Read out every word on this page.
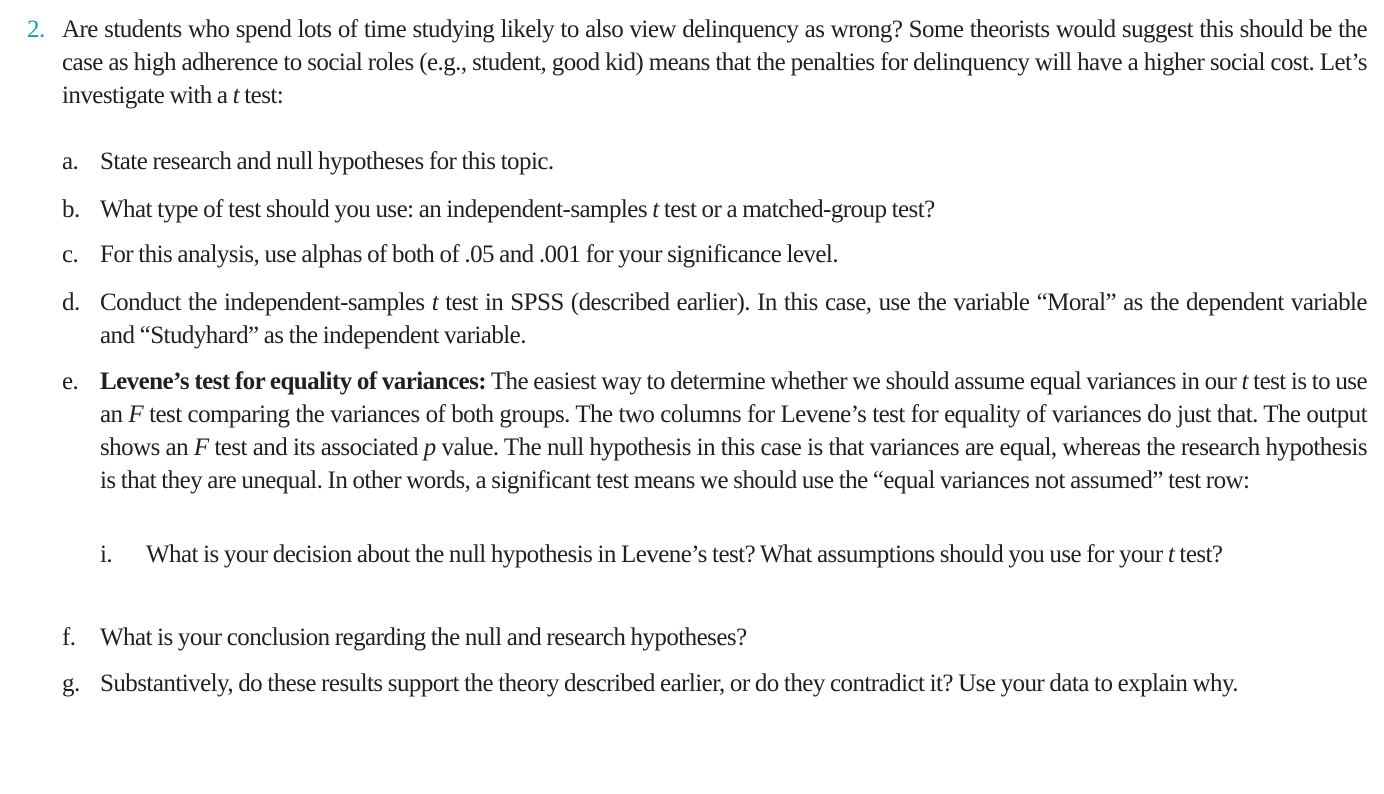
2. Are students who spend lots of time studying likely to also view delinquency as wrong? Some theorists would suggest this should be the case as high adherence to social roles (e.g., student, good kid) means that the penalties for delinquency will have a higher social cost. Let’s investigate with a t test:
a. State research and null hypotheses for this topic.
b. What type of test should you use: an independent-samples t test or a matched-group test?
c. For this analysis, use alphas of both of .05 and .001 for your significance level.
d. Conduct the independent-samples t test in SPSS (described earlier). In this case, use the variable “Moral” as the dependent variable and “Studyhard” as the independent variable.
e. Levene’s test for equality of variances: The easiest way to determine whether we should assume equal variances in our t test is to use an F test comparing the variances of both groups. The two columns for Levene’s test for equality of variances do just that. The output shows an F test and its associated p value. The null hypothesis in this case is that variances are equal, whereas the research hypothesis is that they are unequal. In other words, a significant test means we should use the “equal variances not assumed” test row:
i. What is your decision about the null hypothesis in Levene’s test? What assumptions should you use for your t test?
f. What is your conclusion regarding the null and research hypotheses?
g. Substantively, do these results support the theory described earlier, or do they contradict it? Use your data to explain why.
